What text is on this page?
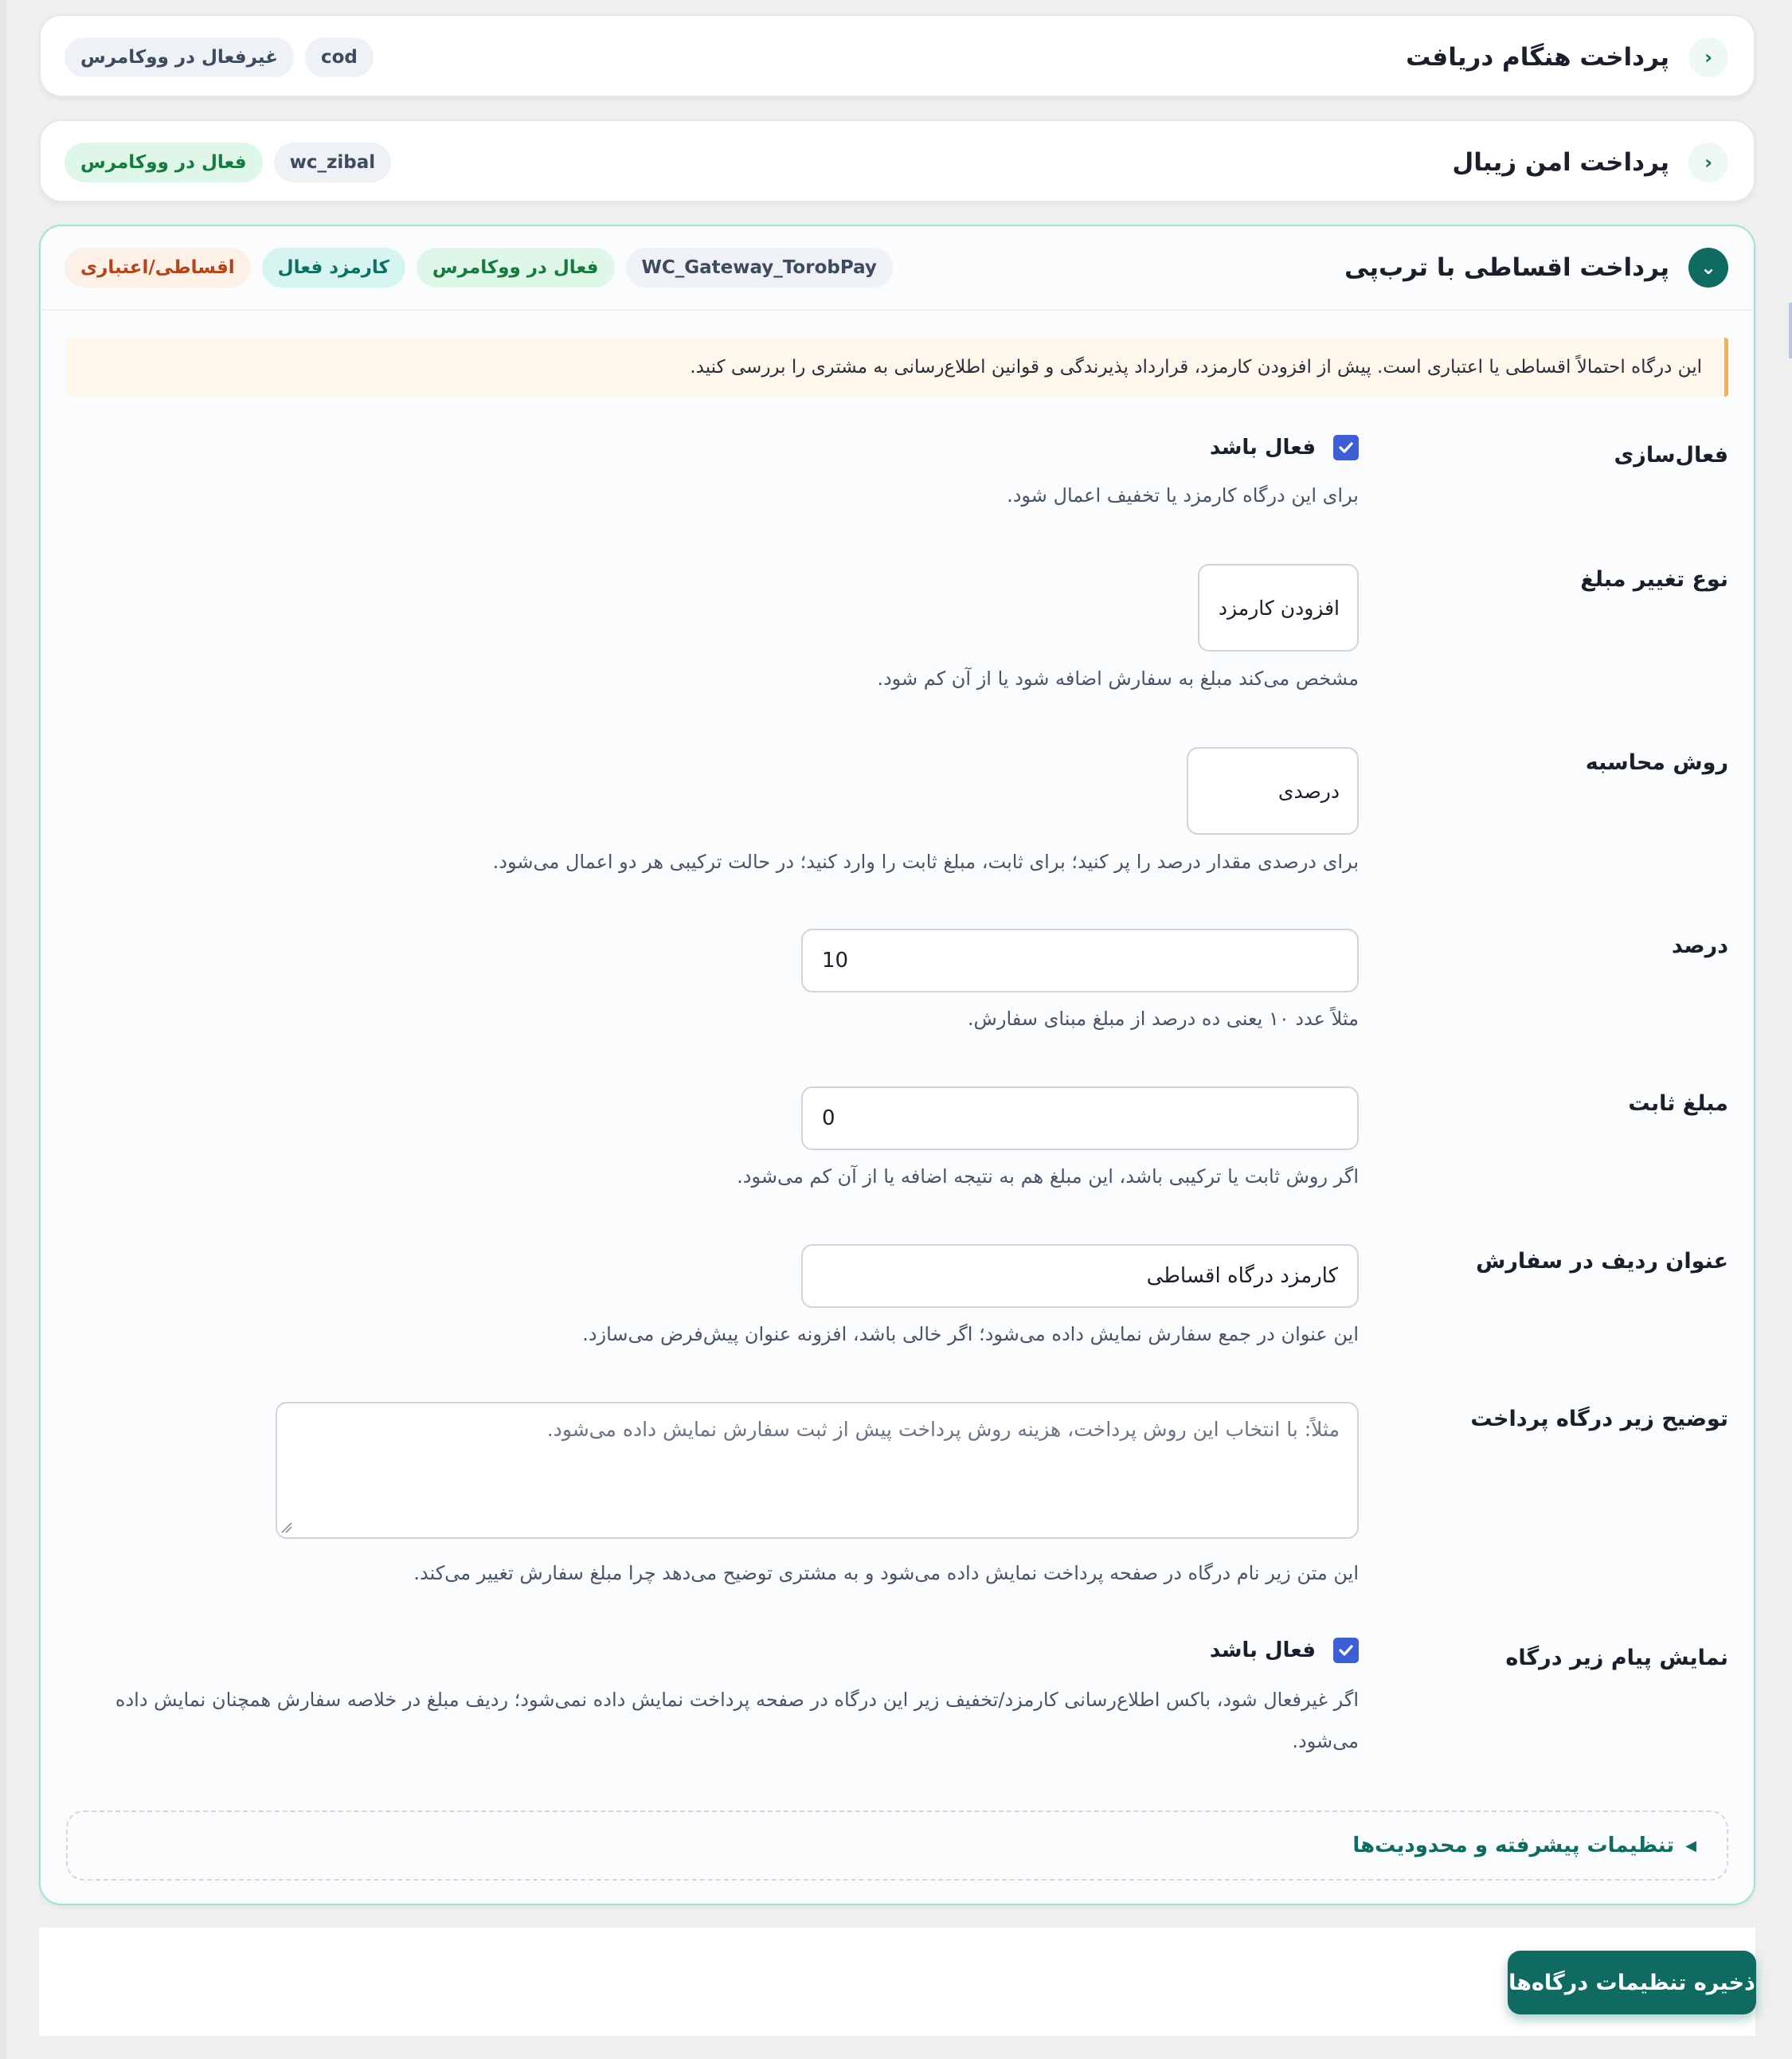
‹
پرداخت هنگام دریافت
cod
غیرفعال در ووکامرس
‹
پرداخت امن زیبال
wc_zibal
فعال در ووکامرس
⌄
پرداخت اقساطی با ترب‌پی
WC_Gateway_TorobPay
فعال در ووکامرس
کارمزد فعال
اقساطی/اعتباری
این درگاه احتمالاً اقساطی یا اعتباری است. پیش از افزودن کارمزد، قرارداد پذیرندگی و قوانین اطلاع‌رسانی به مشتری را بررسی کنید.
فعال‌سازی
فعال باشد
برای این درگاه کارمزد یا تخفیف اعمال شود.
نوع تغییر مبلغ
افزودن کارمزد
مشخص می‌کند مبلغ به سفارش اضافه شود یا از آن کم شود.
روش محاسبه
درصدی
برای درصدی مقدار درصد را پر کنید؛ برای ثابت، مبلغ ثابت را وارد کنید؛ در حالت ترکیبی هر دو اعمال می‌شود.
درصد
10
مثلاً عدد ۱۰ یعنی ده درصد از مبلغ مبنای سفارش.
مبلغ ثابت
0
اگر روش ثابت یا ترکیبی باشد، این مبلغ هم به نتیجه اضافه یا از آن کم می‌شود.
عنوان ردیف در سفارش
کارمزد درگاه اقساطی
این عنوان در جمع سفارش نمایش داده می‌شود؛ اگر خالی باشد، افزونه عنوان پیش‌فرض می‌سازد.
توضیح زیر درگاه پرداخت
مثلاً: با انتخاب این روش پرداخت، هزینه روش پرداخت پیش از ثبت سفارش نمایش داده می‌شود.
این متن زیر نام درگاه در صفحه پرداخت نمایش داده می‌شود و به مشتری توضیح می‌دهد چرا مبلغ سفارش تغییر می‌کند.
نمایش پیام زیر درگاه
فعال باشد
اگر غیرفعال شود، باکس اطلاع‌رسانی کارمزد/تخفیف زیر این درگاه در صفحه پرداخت نمایش داده نمی‌شود؛ ردیف مبلغ در خلاصه سفارش همچنان نمایش داده می‌شود.
◀
تنظیمات پیشرفته و محدودیت‌ها
ذخیره تنظیمات درگاه‌ها
